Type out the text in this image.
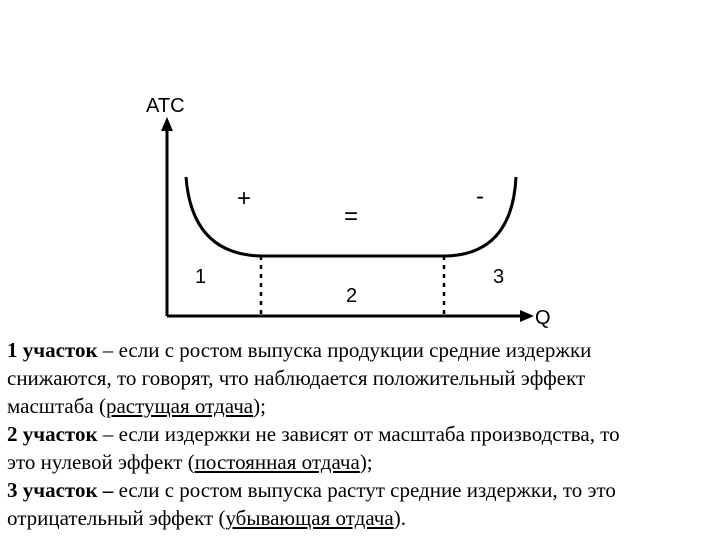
ATC
Q
+
=
-
1
2
3
1 участок – если с ростом выпуска продукции средние издержки
снижаются, то говорят, что наблюдается положительный эффект
масштаба (растущая отдача);
2 участок – если издержки не зависят от масштаба производства, то
это нулевой эффект (постоянная отдача);
3 участок – если с ростом выпуска растут средние издержки, то это
отрицательный эффект (убывающая отдача).
